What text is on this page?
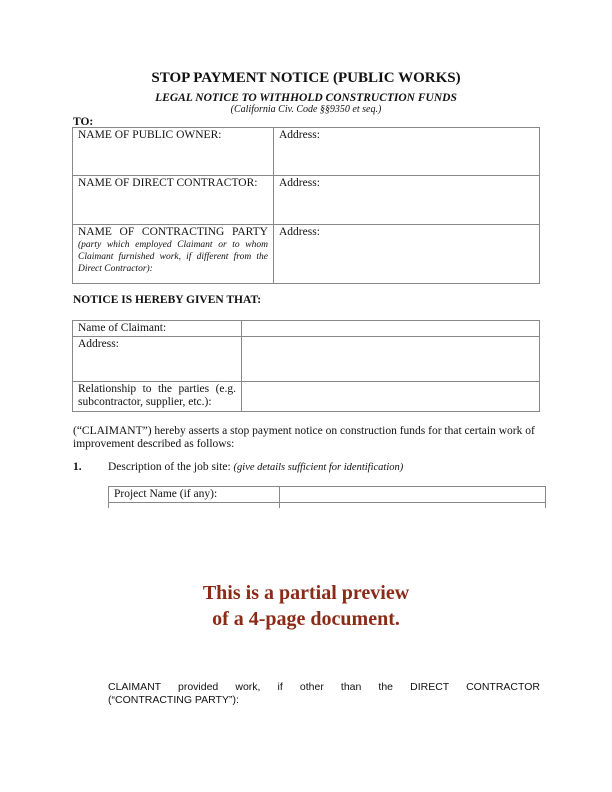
STOP PAYMENT NOTICE (PUBLIC WORKS)
LEGAL NOTICE TO WITHHOLD CONSTRUCTION FUNDS
(California Civ. Code §§9350 et seq.)
TO:
NAME OF PUBLIC OWNER:	Address:
NAME OF DIRECT CONTRACTOR:	Address:

NAME OF CONTRACTING PARTY
(party which employed Claimant or to whom Claimant furnished work, if different from the Direct Contractor):	Address:
NOTICE IS HEREBY GIVEN THAT:
Name of Claimant:	
Address:	
Relationship to the parties (e.g. subcontractor, supplier, etc.):	
(“CLAIMANT”) hereby asserts a stop payment notice on construction funds for that certain work of improvement described as follows:
1. Description of the job site: (give details sufficient for identification)
Project Name (if any):	

This is a partial preview
of a 4-page document.
CLAIMANT provided work, if other than the DIRECT CONTRACTOR
(“CONTRACTING PARTY”):
